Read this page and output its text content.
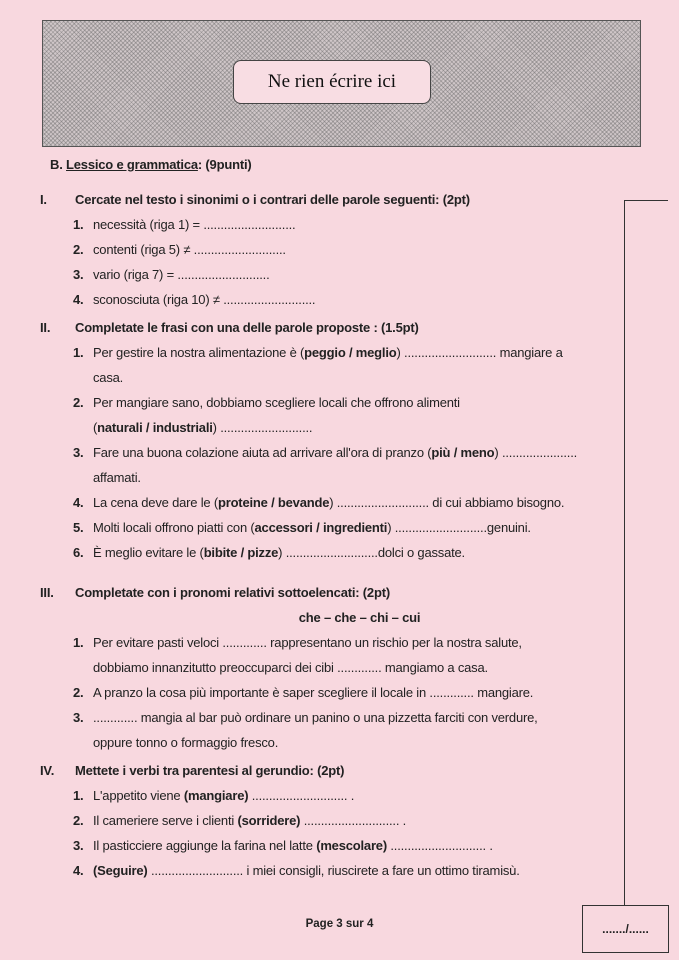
Ne rien écrire ici
......./......
B. Lessico e grammatica: (9punti)
I. Cercate nel testo i sinonimi o i contrari delle parole seguenti: (2pt)
1. necessità (riga 1) = ...........................
2. contenti (riga 5) ≠ ...........................
3. vario (riga 7) = ...........................
4. sconosciuta (riga 10) ≠ ...........................
II. Completate le frasi con una delle parole proposte : (1.5pt)
1. Per gestire la nostra alimentazione è (peggio / meglio) ........................... mangiare a
casa.
2. Per mangiare sano, dobbiamo scegliere locali che offrono alimenti
(naturali / industriali) ...........................
3. Fare una buona colazione aiuta ad arrivare all'ora di pranzo (più / meno) ......................
affamati.
4. La cena deve dare le (proteine / bevande) ........................... di cui abbiamo bisogno.
5. Molti locali offrono piatti con (accessori / ingredienti) ...........................genuini.
6. È meglio evitare le (bibite / pizze) ...........................dolci o gassate.
III. Completate con i pronomi relativi sottoelencati: (2pt)
che – che – chi – cui
1. Per evitare pasti veloci ............. rappresentano un rischio per la nostra salute,
dobbiamo innanzitutto preoccuparci dei cibi ............. mangiamo a casa.
2. A pranzo la cosa più importante è saper scegliere il locale in ............. mangiare.
3. ............. mangia al bar può ordinare un panino o una pizzetta farciti con verdure,
oppure tonno o formaggio fresco.
IV. Mettete i verbi tra parentesi al gerundio: (2pt)
1. L'appetito viene (mangiare) ............................ .
2. Il cameriere serve i clienti (sorridere) ............................ .
3. Il pasticciere aggiunge la farina nel latte (mescolare) ............................ .
4. (Seguire) ........................... i miei consigli, riuscirete a fare un ottimo tiramisù.
Page 3 sur 4
